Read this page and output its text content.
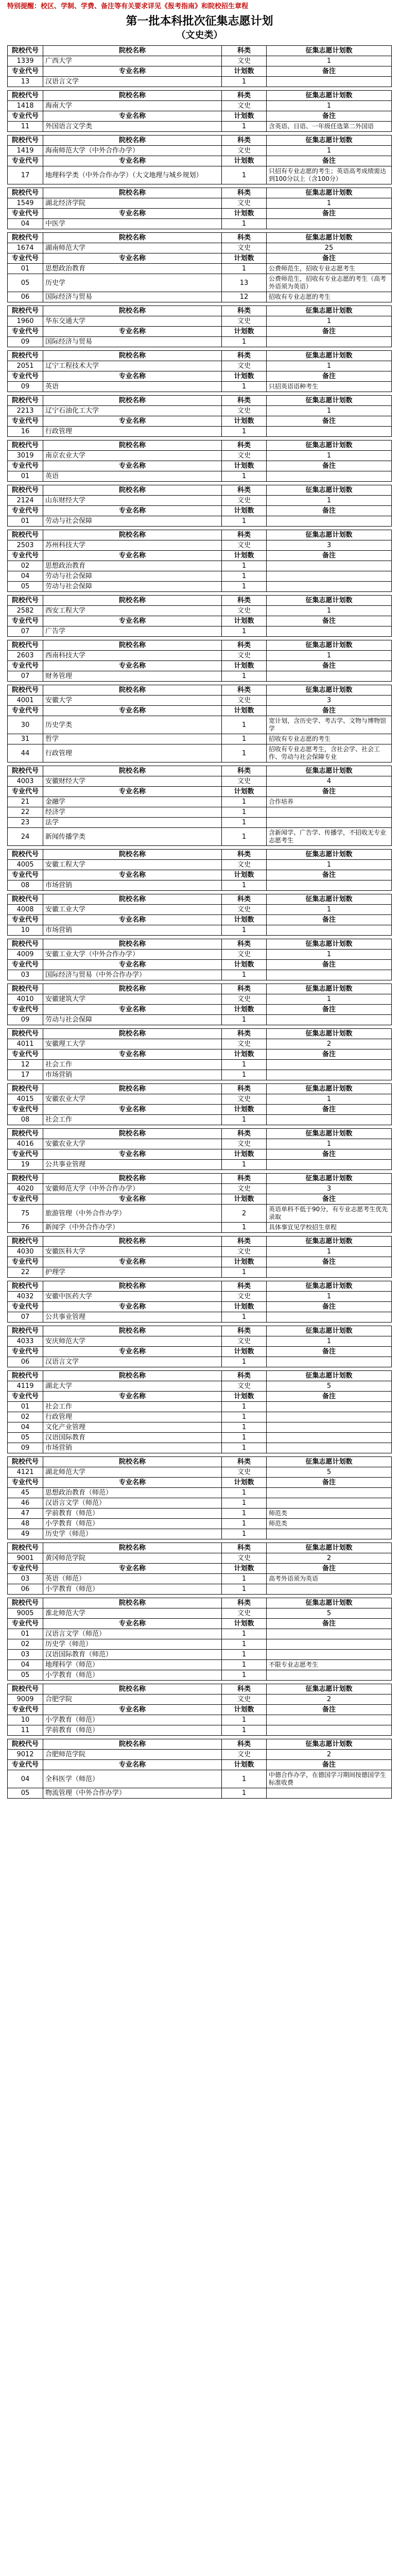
特别提醒：校区、学制、学费、备注等有关要求详见《报考指南》和院校招生章程
第一批本科批次征集志愿计划
（文史类）
院校代号	院校名称	科类	征集志愿计划数
1339	广西大学	文史	1
专业代号	专业名称	计划数	备注
13	汉语言文学	1	
院校代号	院校名称	科类	征集志愿计划数
1418	海南大学	文史	1
专业代号	专业名称	计划数	备注
11	外国语言文学类	1	含英语、日语、一年级任选第二外国语
院校代号	院校名称	科类	征集志愿计划数
1419	海南师范大学（中外合作办学）	文史	1
专业代号	专业名称	计划数	备注
17	地理科学类（中外合作办学）（大文地理与城乡规划）	1	只招有专业志愿的考生；英语高考成绩需达到100分以上（含100分）
院校代号	院校名称	科类	征集志愿计划数
1549	湖北经济学院	文史	1
专业代号	专业名称	计划数	备注
04	中医学	1	
院校代号	院校名称	科类	征集志愿计划数
1674	湖南师范大学	文史	25
专业代号	专业名称	计划数	备注
01	思想政治教育	1	公费师范生，招收专业志愿考生
05	历史学	13	公费师范生，招收有专业志愿的考生（高考外语须为英语）
06	国际经济与贸易	12	招收有专业志愿的考生
院校代号	院校名称	科类	征集志愿计划数
1960	华东交通大学	文史	1
专业代号	专业名称	计划数	备注
09	国际经济与贸易	1	
院校代号	院校名称	科类	征集志愿计划数
2051	辽宁工程技术大学	文史	1
专业代号	专业名称	计划数	备注
09	英语	1	只招英语语种考生
院校代号	院校名称	科类	征集志愿计划数
2213	辽宁石油化工大学	文史	1
专业代号	专业名称	计划数	备注
16	行政管理	1	
院校代号	院校名称	科类	征集志愿计划数
3019	南京农业大学	文史	1
专业代号	专业名称	计划数	备注
01	英语	1	
院校代号	院校名称	科类	征集志愿计划数
2124	山东财经大学	文史	1
专业代号	专业名称	计划数	备注
01	劳动与社会保障	1	
院校代号	院校名称	科类	征集志愿计划数
2503	苏州科技大学	文史	3
专业代号	专业名称	计划数	备注
02	思想政治教育	1	
04	劳动与社会保障	1	
05	劳动与社会保障	1	
院校代号	院校名称	科类	征集志愿计划数
2582	西安工程大学	文史	1
专业代号	专业名称	计划数	备注
07	广告学	1	
院校代号	院校名称	科类	征集志愿计划数
2603	西南科技大学	文史	1
专业代号	专业名称	计划数	备注
07	财务管理	1	
院校代号	院校名称	科类	征集志愿计划数
4001	安徽大学	文史	3
专业代号	专业名称	计划数	备注
30	历史学类	1	宽计划，含历史学、考古学、文物与博物馆学
31	哲学	1	招收有专业志愿的考生
44	行政管理	1	招收有专业志愿考生，含社会学、社会工作、劳动与社会保障专业
院校代号	院校名称	科类	征集志愿计划数
4003	安徽财经大学	文史	4
专业代号	专业名称	计划数	备注
21	金融学	1	合作培养
22	经济学	1	
23	法学	1	
24	新闻传播学类	1	含新闻学、广告学、传播学，不招收无专业志愿考生
院校代号	院校名称	科类	征集志愿计划数
4005	安徽工程大学	文史	1
专业代号	专业名称	计划数	备注
08	市场营销	1	
院校代号	院校名称	科类	征集志愿计划数
4008	安徽工业大学	文史	1
专业代号	专业名称	计划数	备注
10	市场营销	1	
院校代号	院校名称	科类	征集志愿计划数
4009	安徽工业大学（中外合作办学）	文史	1
专业代号	专业名称	计划数	备注
03	国际经济与贸易（中外合作办学）	1	
院校代号	院校名称	科类	征集志愿计划数
4010	安徽建筑大学	文史	1
专业代号	专业名称	计划数	备注
09	劳动与社会保障	1	
院校代号	院校名称	科类	征集志愿计划数
4011	安徽理工大学	文史	2
专业代号	专业名称	计划数	备注
12	社会工作	1	
17	市场营销	1	
院校代号	院校名称	科类	征集志愿计划数
4015	安徽农业大学	文史	1
专业代号	专业名称	计划数	备注
08	社会工作	1	
院校代号	院校名称	科类	征集志愿计划数
4016	安徽农业大学	文史	1
专业代号	专业名称	计划数	备注
19	公共事业管理	1	
院校代号	院校名称	科类	征集志愿计划数
4020	安徽师范大学（中外合作办学）	文史	3
专业代号	专业名称	计划数	备注
75	旅游管理（中外合作办学）	2	英语单科不低于90分，有专业志愿考生优先录取
76	新闻学（中外合作办学）	1	具体事宜见学校招生章程
院校代号	院校名称	科类	征集志愿计划数
4030	安徽医科大学	文史	1
专业代号	专业名称	计划数	备注
22	护理学	1	
院校代号	院校名称	科类	征集志愿计划数
4032	安徽中医药大学	文史	1
专业代号	专业名称	计划数	备注
07	公共事业管理	1	
院校代号	院校名称	科类	征集志愿计划数
4033	安庆师范大学	文史	1
专业代号	专业名称	计划数	备注
06	汉语言文学	1	
院校代号	院校名称	科类	征集志愿计划数
4119	湖北大学	文史	5
专业代号	专业名称	计划数	备注
01	社会工作	1	
02	行政管理	1	
04	文化产业管理	1	
05	汉语国际教育	1	
09	市场营销	1	
院校代号	院校名称	科类	征集志愿计划数
4121	湖北师范大学	文史	5
专业代号	专业名称	计划数	备注
45	思想政治教育（师范）	1	
46	汉语言文学（师范）	1	
47	学前教育（师范）	1	师范类
48	小学教育（师范）	1	师范类
49	历史学（师范）	1	
院校代号	院校名称	科类	征集志愿计划数
9001	黄冈师范学院	文史	2
专业代号	专业名称	计划数	备注
03	英语（师范）	1	高考外语须为英语
06	小学教育（师范）	1	
院校代号	院校名称	科类	征集志愿计划数
9005	淮北师范大学	文史	5
专业代号	专业名称	计划数	备注
01	汉语言文学（师范）	1	
02	历史学（师范）	1	
03	汉语国际教育（师范）	1	
04	地理科学（师范）	1	不限专业志愿考生
05	小学教育（师范）	1	
院校代号	院校名称	科类	征集志愿计划数
9009	合肥学院	文史	2
专业代号	专业名称	计划数	备注
10	小学教育（师范）	1	
11	学前教育（师范）	1	
院校代号	院校名称	科类	征集志愿计划数
9012	合肥师范学院	文史	2
专业代号	专业名称	计划数	备注
04	全科医学（师范）	1	中德合作办学，在德国学习期间按德国学生标准收费
05	物流管理（中外合作办学）	1	
